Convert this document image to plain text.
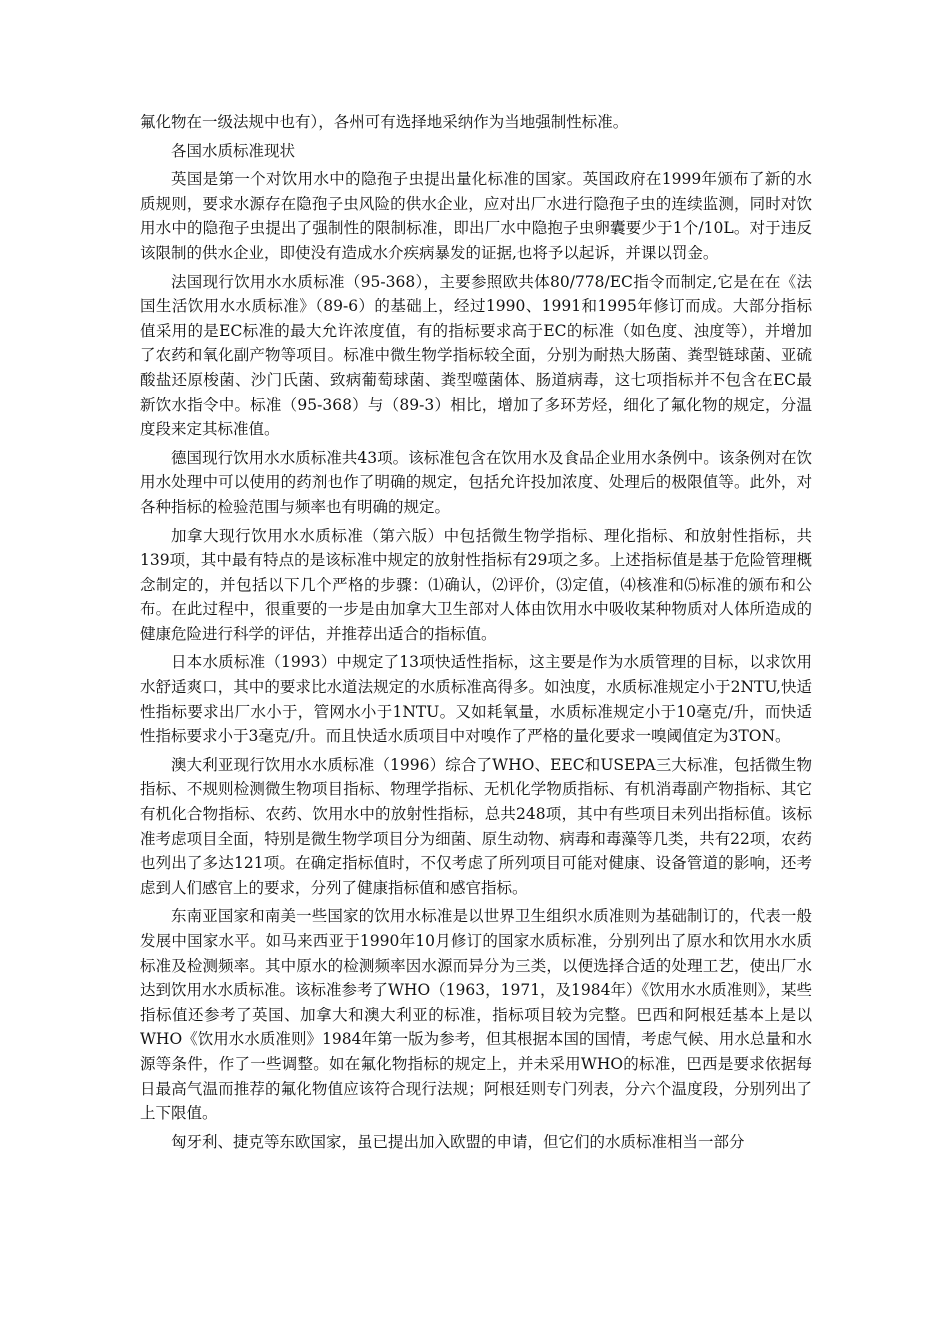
氟化物在一级法规中也有），各州可有选择地采纳作为当地强制性标准。

各国水质标准现状

英国是第一个对饮用水中的隐孢子虫提出量化标准的国家。英国政府在1999年颁布了新的水质规则，要求水源存在隐孢子虫风险的供水企业，应对出厂水进行隐孢子虫的连续监测，同时对饮用水中的隐孢子虫提出了强制性的限制标准，即出厂水中隐抱子虫卵囊要少于1个/10L。对于违反该限制的供水企业，即使没有造成水介疾病暴发的证据,也将予以起诉，并课以罚金。

法国现行饮用水水质标准（95-368），主要参照欧共体80/778/EC指令而制定,它是在在《法国生活饮用水水质标准》（89-6）的基础上，经过1990、1991和1995年修订而成。大部分指标值采用的是EC标准的最大允许浓度值，有的指标要求高于EC的标准（如色度、浊度等），并增加了农药和氧化副产物等项目。标准中微生物学指标较全面，分别为耐热大肠菌、粪型链球菌、亚硫酸盐还原梭菌、沙门氏菌、致病葡萄球菌、粪型噬菌体、肠道病毒，这七项指标并不包含在EC最新饮水指令中。标准（95-368）与（89-3）相比，增加了多环芳烃，细化了氟化物的规定，分温度段来定其标准值。

德国现行饮用水水质标准共43项。该标准包含在饮用水及食品企业用水条例中。该条例对在饮用水处理中可以使用的药剂也作了明确的规定，包括允许投加浓度、处理后的极限值等。此外，对各种指标的检验范围与频率也有明确的规定。

加拿大现行饮用水水质标准（第六版）中包括微生物学指标、理化指标、和放射性指标，共139项，其中最有特点的是该标准中规定的放射性指标有29项之多。上述指标值是基于危险管理概念制定的，并包括以下几个严格的步骤：⑴确认，⑵评价，⑶定值，⑷核准和⑸标准的颁布和公布。在此过程中，很重要的一步是由加拿大卫生部对人体由饮用水中吸收某种物质对人体所造成的健康危险进行科学的评估，并推荐出适合的指标值。

日本水质标准（1993）中规定了13项快适性指标，这主要是作为水质管理的目标，以求饮用水舒适爽口，其中的要求比水道法规定的水质标准高得多。如浊度，水质标准规定小于2NTU,快适性指标要求出厂水小于，管网水小于1NTU。又如耗氧量，水质标准规定小于10毫克/升，而快适性指标要求小于3毫克/升。而且快适水质项目中对嗅作了严格的量化要求一嗅阈值定为3TON。

澳大利亚现行饮用水水质标准（1996）综合了WHO、EEC和USEPA三大标准，包括微生物指标、不规则检测微生物项目指标、物理学指标、无机化学物质指标、有机消毒副产物指标、其它有机化合物指标、农药、饮用水中的放射性指标，总共248项，其中有些项目未列出指标值。该标准考虑项目全面，特别是微生物学项目分为细菌、原生动物、病毒和毒藻等几类，共有22项，农药也列出了多达121项。在确定指标值时，不仅考虑了所列项目可能对健康、设备管道的影响，还考虑到人们感官上的要求，分列了健康指标值和感官指标。

东南亚国家和南美一些国家的饮用水标准是以世界卫生组织水质准则为基础制订的，代表一般发展中国家水平。如马来西亚于1990年10月修订的国家水质标准，分别列出了原水和饮用水水质标准及检测频率。其中原水的检测频率因水源而异分为三类，以便选择合适的处理工艺，使出厂水达到饮用水水质标准。该标准参考了WHO（1963，1971，及1984年）《饮用水水质准则》，某些指标值还参考了英国、加拿大和澳大利亚的标准，指标项目较为完整。巴西和阿根廷基本上是以WHO《饮用水水质准则》1984年第一版为参考，但其根据本国的国情，考虑气候、用水总量和水源等条件，作了一些调整。如在氟化物指标的规定上，并未采用WHO的标准，巴西是要求依据每日最高气温而推荐的氟化物值应该符合现行法规；阿根廷则专门列表，分六个温度段，分别列出了上下限值。

匈牙利、捷克等东欧国家，虽已提出加入欧盟的申请，但它们的水质标准相当一部分
